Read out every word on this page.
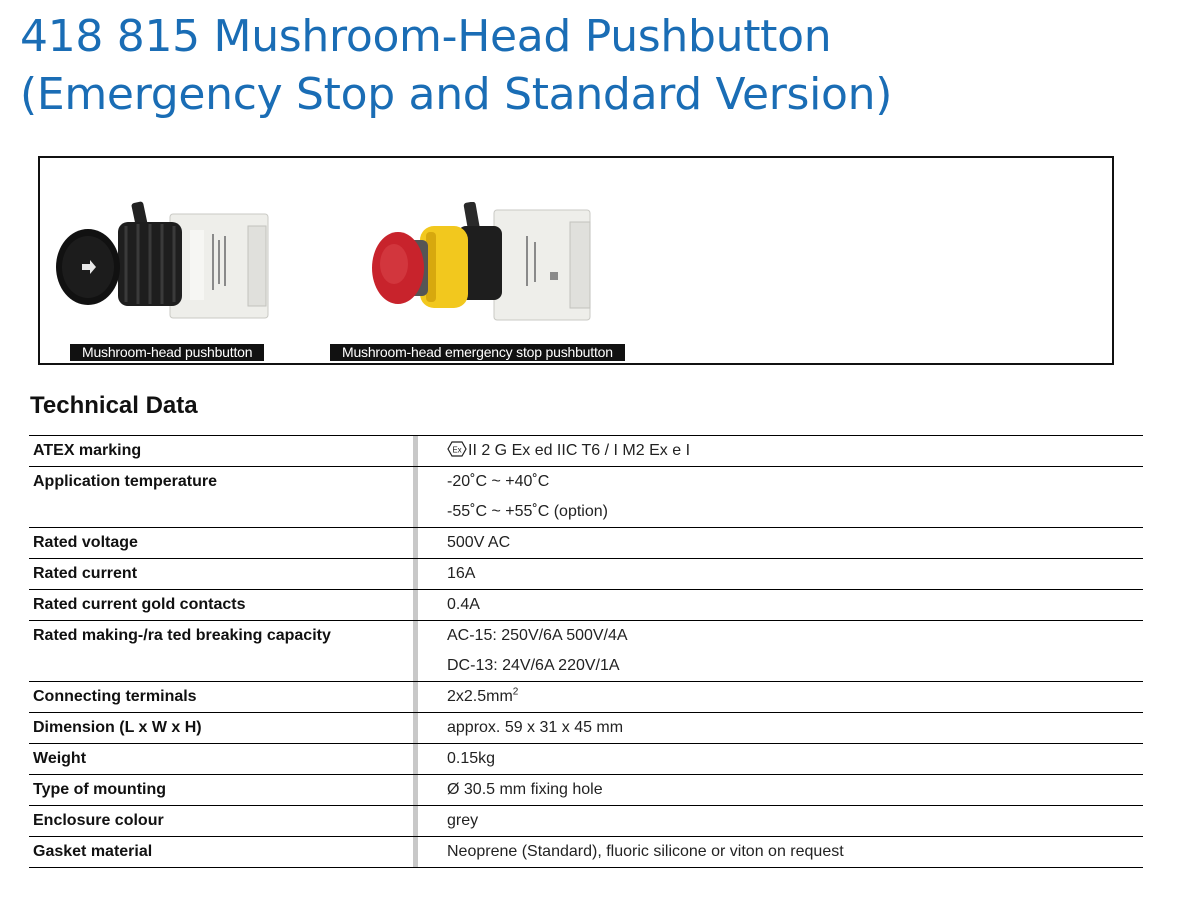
418 815 Mushroom-Head Pushbutton
(Emergency Stop and Standard Version)
Mushroom-head pushbutton	Mushroom-head emergency stop pushbutton
Technical Data
ATEX marking			Ex II 2 G Ex ed IIC T6 / I M2 Ex e I

Application temperature			-20˚C ~ +40˚C
-55˚C ~ +55˚C (option)

Rated voltage			500V AC

Rated current			16A

Rated current gold contacts			0.4A

Rated making-/ra ted breaking capacity			AC-15: 250V/6A 500V/4A
DC-13: 24V/6A 220V/1A

Connecting terminals			$2x2.5mm^2$

Dimension (L x W x H)			approx. 59 x 31 x 45 mm

Weight			0.15kg

Type of mounting			Ø 30.5 mm fixing hole

Enclosure colour			grey

Gasket material			Neoprene (Standard), fluoric silicone or viton on request
